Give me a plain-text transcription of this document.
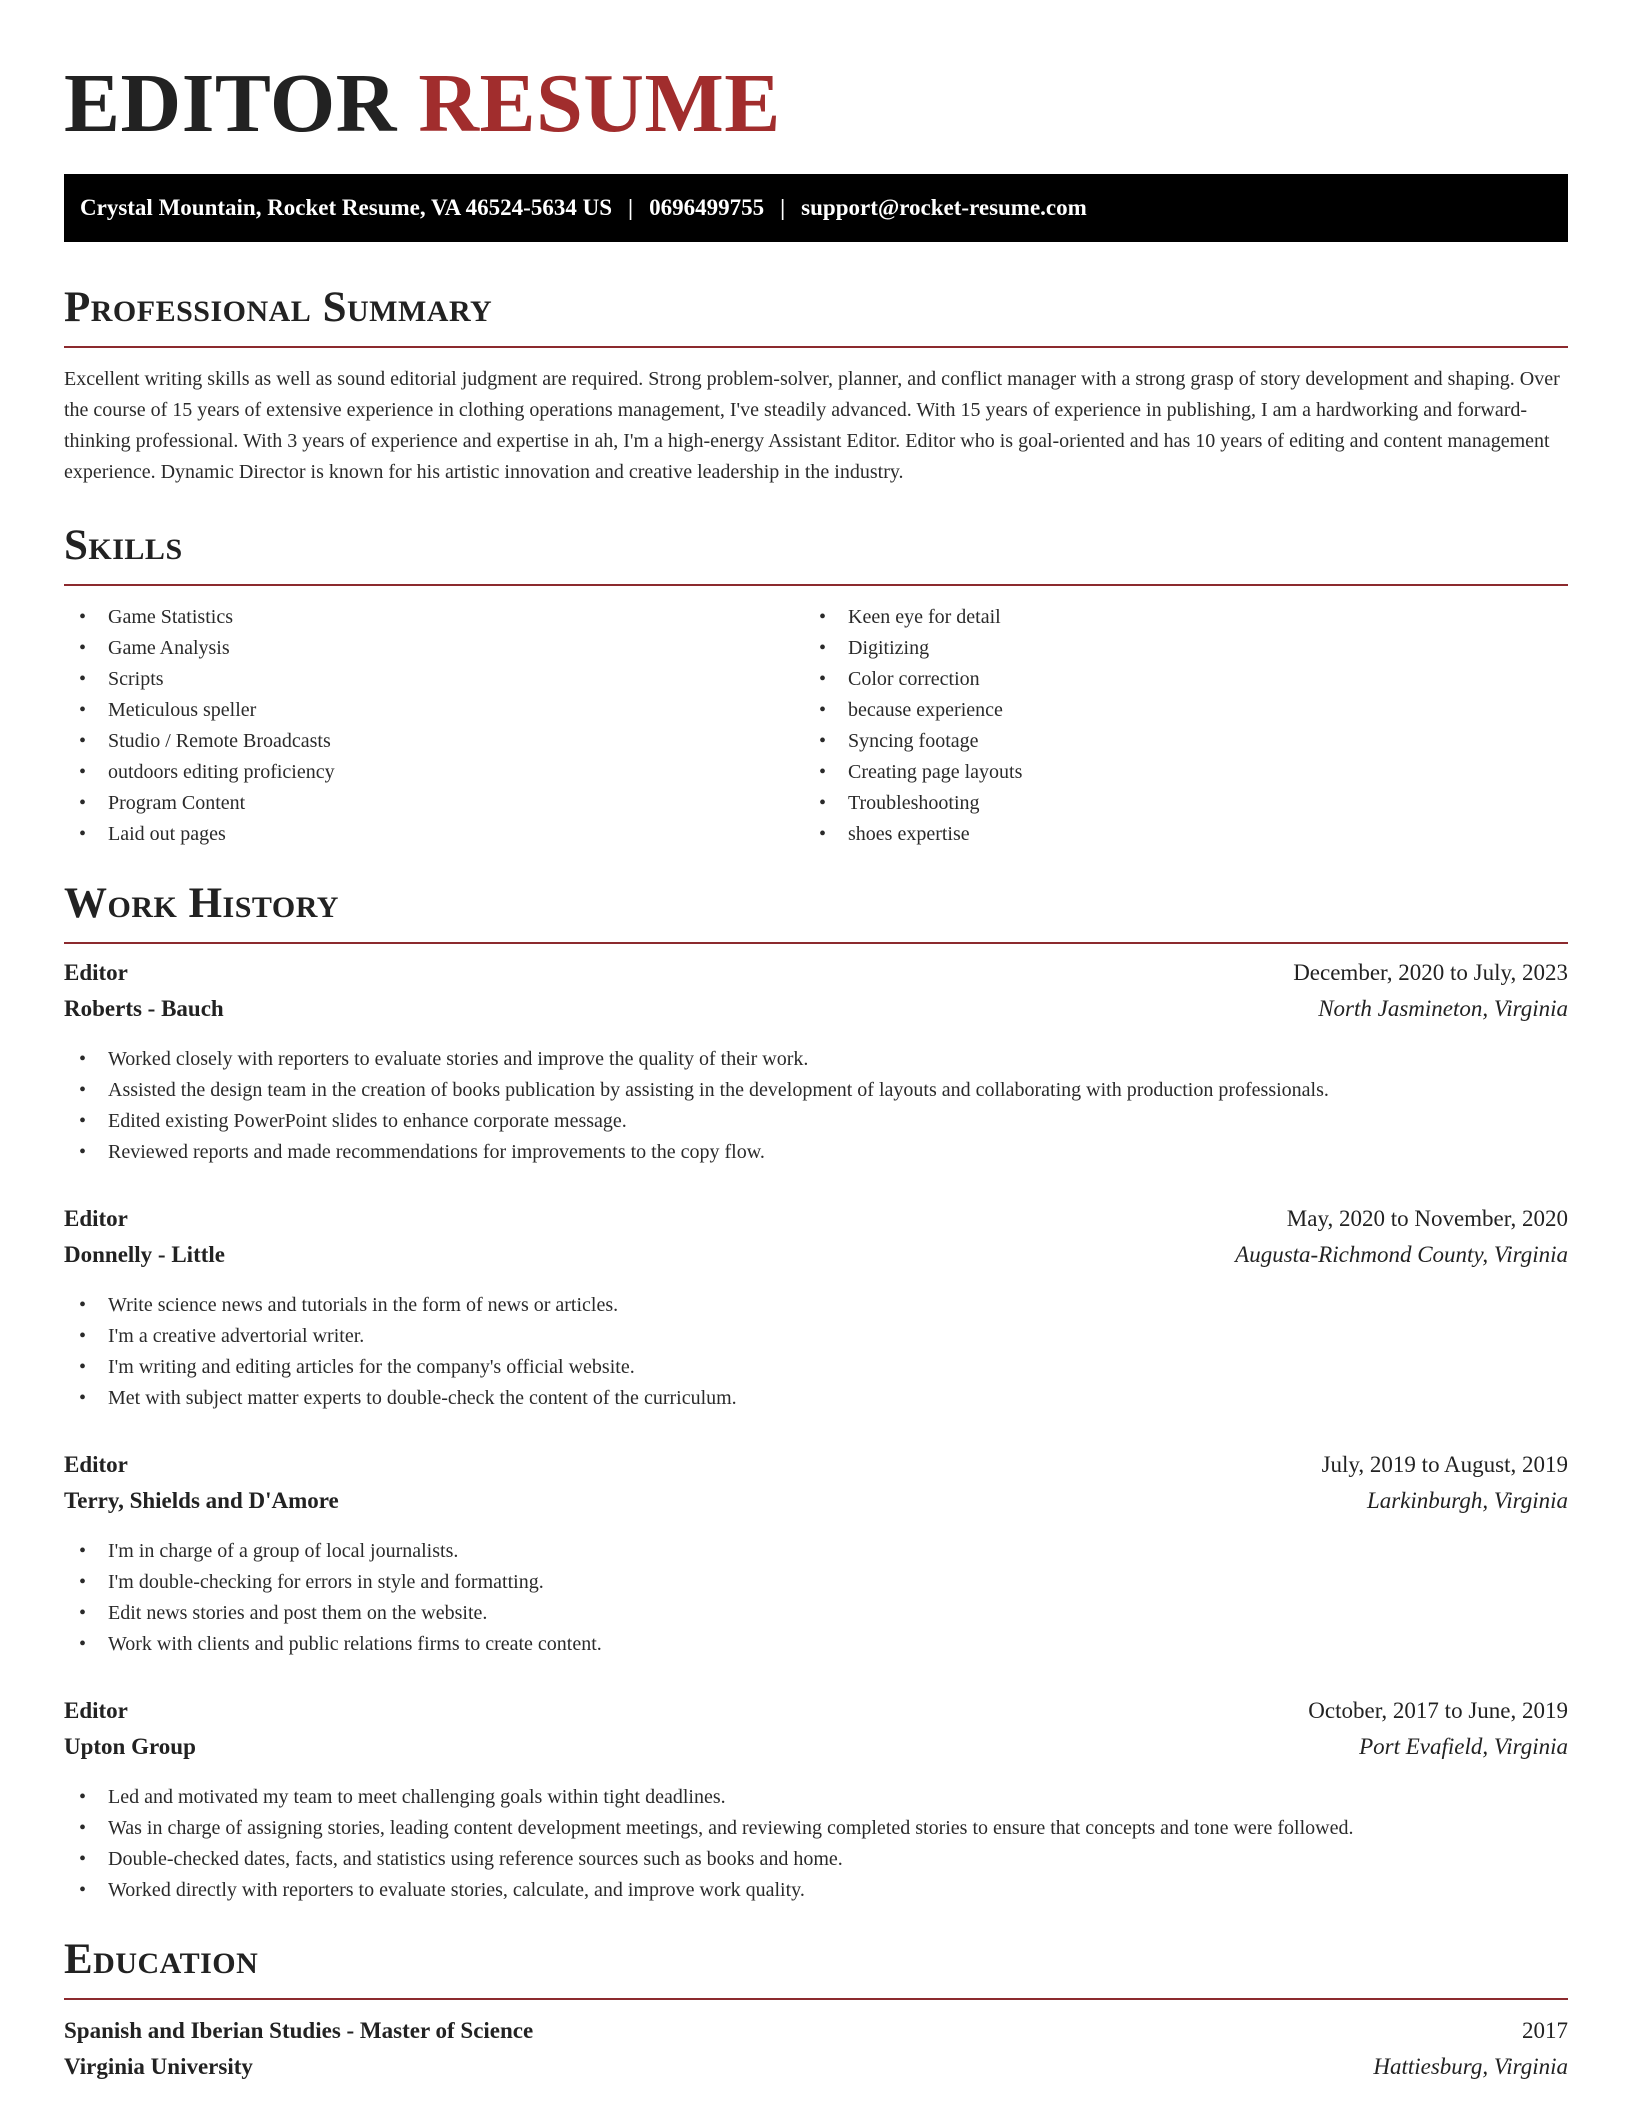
EDITOR RESUME
Crystal Mountain, Rocket Resume, VA 46524-5634 US | 0696499755 | support@rocket-resume.com
Professional Summary

Excellent writing skills as well as sound editorial judgment are required. Strong problem-solver, planner, and conflict manager with a strong grasp of story development and shaping. Over the course of 15 years of extensive experience in clothing operations management, I've steadily advanced. With 15 years of experience in publishing, I am a hardworking and forward-thinking professional. With 3 years of experience and expertise in ah, I'm a high-energy Assistant Editor. Editor who is goal-oriented and has 10 years of editing and content management experience. Dynamic Director is known for his artistic innovation and creative leadership in the industry.

Skills
• Game Statistics
• Game Analysis
• Scripts
• Meticulous speller
• Studio / Remote Broadcasts
• outdoors editing proficiency
• Program Content
• Laid out pages
• Keen eye for detail
• Digitizing
• Color correction
• because experience
• Syncing footage
• Creating page layouts
• Troubleshooting
• shoes expertise
Work History
Editor	December, 2020 to July, 2023
Roberts - Bauch	North Jasmineton, Virginia
• Worked closely with reporters to evaluate stories and improve the quality of their work.
• Assisted the design team in the creation of books publication by assisting in the development of layouts and collaborating with production professionals.
• Edited existing PowerPoint slides to enhance corporate message.
• Reviewed reports and made recommendations for improvements to the copy flow.
Editor	May, 2020 to November, 2020
Donnelly - Little	Augusta-Richmond County, Virginia
• Write science news and tutorials in the form of news or articles.
• I'm a creative advertorial writer.
• I'm writing and editing articles for the company's official website.
• Met with subject matter experts to double-check the content of the curriculum.
Editor	July, 2019 to August, 2019
Terry, Shields and D'Amore	Larkinburgh, Virginia
• I'm in charge of a group of local journalists.
• I'm double-checking for errors in style and formatting.
• Edit news stories and post them on the website.
• Work with clients and public relations firms to create content.
Editor	October, 2017 to June, 2019
Upton Group	Port Evafield, Virginia
• Led and motivated my team to meet challenging goals within tight deadlines.
• Was in charge of assigning stories, leading content development meetings, and reviewing completed stories to ensure that concepts and tone were followed.
• Double-checked dates, facts, and statistics using reference sources such as books and home.
• Worked directly with reporters to evaluate stories, calculate, and improve work quality.
Education
Spanish and Iberian Studies - Master of Science	2017
Virginia University	Hattiesburg, Virginia
